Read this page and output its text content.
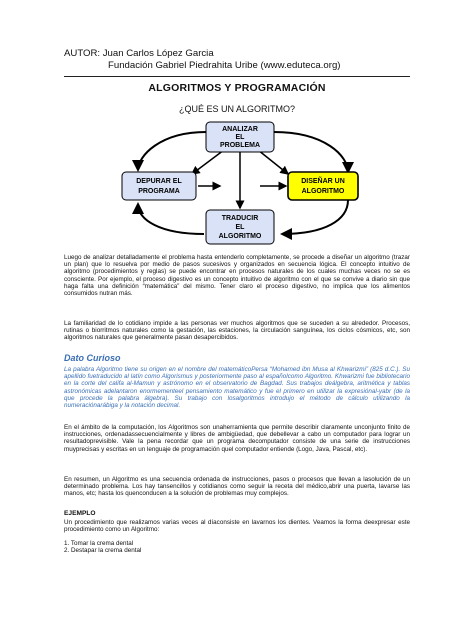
AUTOR: Juan Carlos López Garcia
Fundación Gabriel Piedrahita Uribe (www.eduteca.org)
ALGORITMOS Y PROGRAMACIÓN
¿QUÉ ES UN ALGORITMO?
ANALIZAR
EL
PROBLEMA
DEPURAR EL
PROGRAMA
DISEÑAR UN
ALGORITMO
TRADUCIR
EL
ALGORITMO
Luego de analizar detalladamente el problema hasta entenderlo completamente, se procede a diseñar un algoritmo (trazar un plan) que lo resuelva por medio de pasos sucesivos y organizados en secuencia lógica. El concepto intuitivo de algoritmo (procedimientos y reglas) se puede encontrar en procesos naturales de los cuales muchas veces no se es consciente. Por ejemplo, el proceso digestivo es un concepto intuitivo de algoritmo con el que se convive a diario sin que haga falta una definición “matemática” del mismo. Tener claro el proceso digestivo, no implica que los alimentos consumidos nutran más.
La familiaridad de lo cotidiano impide a las personas ver muchos algoritmos que se suceden a su alrededor. Procesos, rutinas o biorritmos naturales como la gestación, las estaciones, la circulación sanguínea, los ciclos cósmicos, etc, son algoritmos naturales que generalmente pasan desapercibidos.
Dato Curioso
La palabra Algoritmo tiene su origen en el nombre del matemáticoPersa “Mohamed ibn Musa al Khwarizmi” (825 d.C.). Su apellido fuetraducido al latín como Algorismus y posteriormente paso al españolcomo Algoritmo. Khwarizmi fue bibliotecario en la corte del califa al-Mamun y astrónomo en el observatorio de Bagdad. Sus trabajos deálgebra, aritmética y tablas astronómicas adelantaron enormementeel pensamiento matemático y fue el primero en utilizar la expresiónal-yabr (de la que procede la palabra álgebra). Su trabajo con losalgoritmos introdujo el método de cálculo utilizando la numeraciónarábiga y la notación decimal.
En el ámbito de la computación, los Algoritmos son unaherramienta que permite describir claramente unconjunto finito de instrucciones, ordenadassecuencialmente y libres de ambigüedad, que debellevar a cabo un computador para lograr un resultadoprevisible. Vale la pena recordar que un programa decomputador consiste de una serie de instrucciones muyprecisas y escritas en un lenguaje de programación quel computador entiende (Logo, Java, Pascal, etc).
En resumen, un Algoritmo es una secuencia ordenada de instrucciones, pasos o procesos que llevan a lasolución de un determinado problema. Los hay tansencillos y cotidianos como seguir la receta del médico,abrir una puerta, lavarse las manos, etc; hasta los quenconducen a la solución de problemas muy complejos.
EJEMPLO
Un procedimiento que realizamos varias veces al díaconsiste en lavarnos los dientes. Veamos la forma deexpresar este procedimiento como un Algoritmo:
1. Tomar la crema dental
2. Destapar la crema dental
